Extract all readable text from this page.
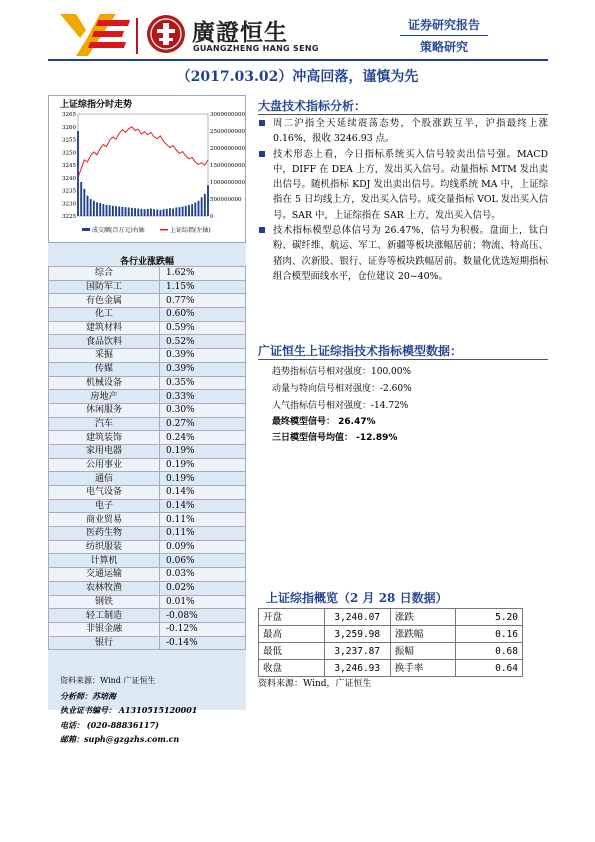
廣證恒生
GUANGZHENG HANG SENG
证券研究报告
策略研究
（2017.03.02）冲高回落，谨慎为先
上证综指分时走势
3265
3260
3255
3250
3245
3240
3235
3230
3225
3000000000
2500000000
2000000000
1500000000
1000000000
500000000
0
成交额(百万元)右轴	上证综指(左轴)
各行业涨跌幅
综合	1.62%
国防军工	1.15%
有色金属	0.77%
化工	0.60%
建筑材料	0.59%
食品饮料	0.52%
采掘	0.39%
传媒	0.39%
机械设备	0.35%
房地产	0.33%
休闲服务	0.30%
汽车	0.27%
建筑装饰	0.24%
家用电器	0.19%
公用事业	0.19%
通信	0.19%
电气设备	0.14%
电子	0.14%
商业贸易	0.11%
医药生物	0.11%
纺织服装	0.09%
计算机	0.06%
交通运输	0.03%
农林牧渔	0.02%
钢铁	0.01%
轻工制造	-0.08%
非银金融	-0.12%
银行	-0.14%
资料来源：Wind 广证恒生
分析师：苏培海
执业证书编号： A1310515120001
电话： (020-88836117)
邮箱：suph@gzgzhs.com.cn
大盘技术指标分析：
周二沪指全天延续震荡态势，个股涨跌互半，沪指最终上涨 0.16%，报收 3246.93 点。
技术形态上看，今日指标系统买入信号较卖出信号强。MACD 中，DIFF 在 DEA 上方，发出买入信号。动量指标 MTM 发出卖出信号。随机指标 KDJ 发出卖出信号。均线系统 MA 中，上证综指在 5 日均线上方，发出买入信号。成交量指标 VOL 发出买入信号。SAR 中，上证综指在 SAR 上方，发出买入信号。
技术指标模型总体信号为 26.47%，信号为积极。盘面上，钛白粉、碳纤维、航运、军工、新疆等板块涨幅居前；物流、特高压、猪肉、次新股、银行、证券等板块跌幅居前。数量化优选短期指标组合模型面线水平，仓位建议 20~40%。
广证恒生上证综指技术指标模型数据：
趋势指标信号相对强度：100.00%
动量与特向信号相对强度：-2.60%
人气指标信号相对强度：-14.72%
最终模型信号： 26.47%
三日模型信号均值： -12.89%
上证综指概览（2 月 28 日数据）
开盘	3,240.07	涨跌	5.20
最高	3,259.98	涨跌幅	0.16
最低	3,237.87	振幅	0.68
收盘	3,246.93	换手率	0.64
资料来源：Wind，广证恒生
